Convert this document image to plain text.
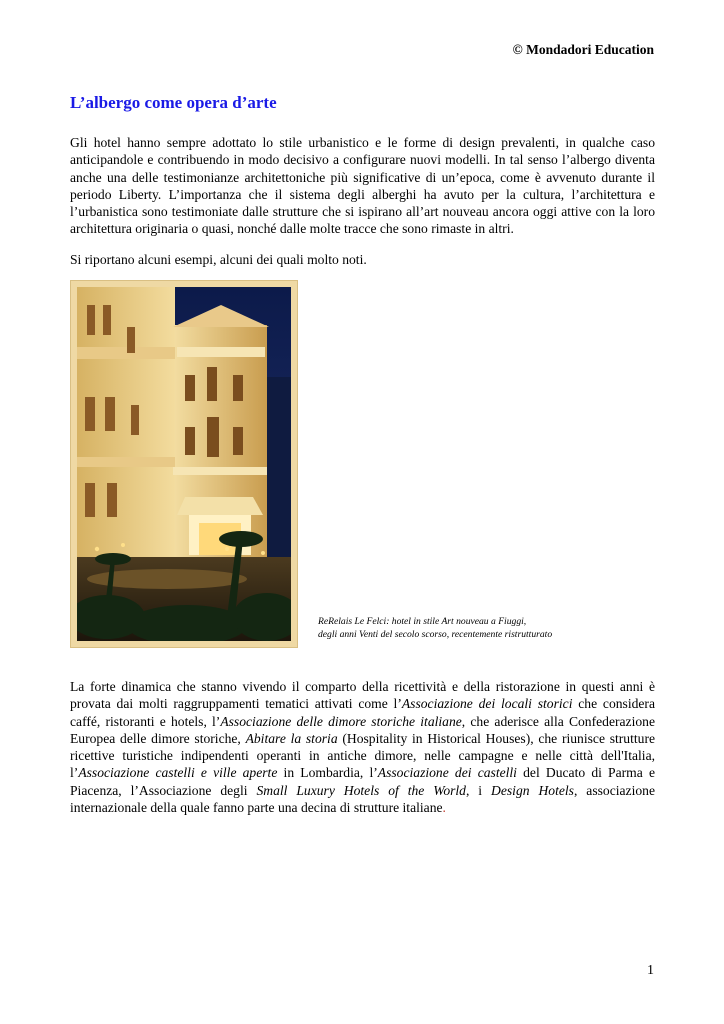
© Mondadori Education
L’albergo come opera d’arte

Gli hotel hanno sempre adottato lo stile urbanistico e le forme di design prevalenti, in qualche caso anticipandole e contribuendo in modo decisivo a configurare nuovi modelli. In tal senso l’albergo diventa anche una delle testimonianze architettoniche più significative di un’epoca, come è avvenuto durante il periodo Liberty. L’importanza che il sistema degli alberghi ha avuto per la cultura, l’architettura e l’urbanistica sono testimoniate dalle strutture che si ispirano all’art nouveau ancora oggi attive con la loro architettura originaria o quasi, nonché dalle molte tracce che sono rimaste in altri.

Si riportano alcuni esempi, alcuni dei quali molto noti.

ReRelais Le Felci: hotel in stile Art nouveau a Fiuggi,
degli anni Venti del secolo scorso, recentemente ristrutturato

La forte dinamica che stanno vivendo il comparto della ricettività e della ristorazione in questi anni è provata dai molti raggruppamenti tematici attivati come l’Associazione dei locali storici che considera caffé, ristoranti e hotels, l’Associazione delle dimore storiche italiane, che aderisce alla Confederazione Europea delle dimore storiche, Abitare la storia (Hospitality in Historical Houses), che riunisce strutture ricettive turistiche indipendenti operanti in antiche dimore, nelle campagne e nelle città dell'Italia, l’Associazione castelli e ville aperte in Lombardia, l’Associazione dei castelli del Ducato di Parma e Piacenza, l’Associazione degli Small Luxury Hotels of the World, i Design Hotels, associazione internazionale della quale fanno parte una decina di strutture italiane.

1
